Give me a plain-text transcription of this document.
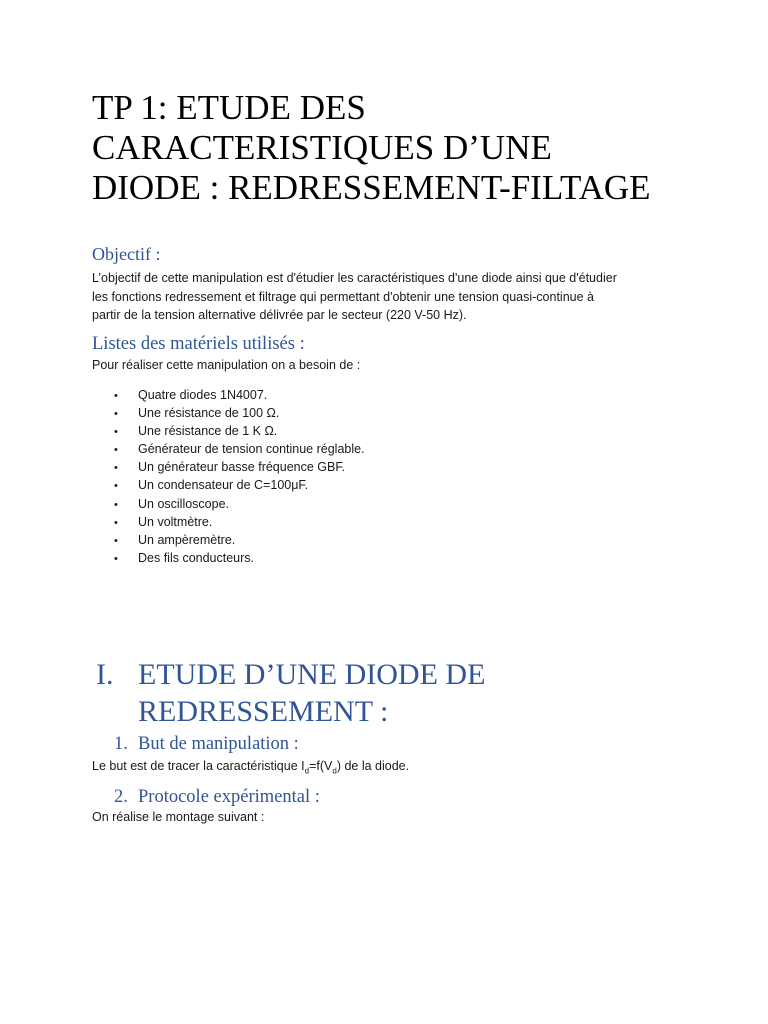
TP 1: ETUDE DES
CARACTERISTIQUES D’UNE
DIODE : REDRESSEMENT-FILTAGE
Objectif :
L’objectif de cette manipulation est d'étudier les caractéristiques d'une diode ainsi que d'étudier
les fonctions redressement et filtrage qui permettant d'obtenir une tension quasi-continue à
partir de la tension alternative délivrée par le secteur (220 V-50 Hz).
Listes des matériels utilisés :

Pour réaliser cette manipulation on a besoin de :

• Quatre diodes 1N4007.
• Une résistance de 100 Ω.
• Une résistance de 1 K Ω.
• Générateur de tension continue réglable.
• Un générateur basse fréquence GBF.
• Un condensateur de C=100μF.
• Un oscilloscope.
• Un voltmètre.
• Un ampèremètre.
• Des fils conducteurs.
I. ETUDE D’UNE DIODE DE
REDRESSEMENT :
1. But de manipulation :

Le but est de tracer la caractéristique $I_d=f(V_d)$ de la diode.

2. Protocole expérimental :

On réalise le montage suivant :
